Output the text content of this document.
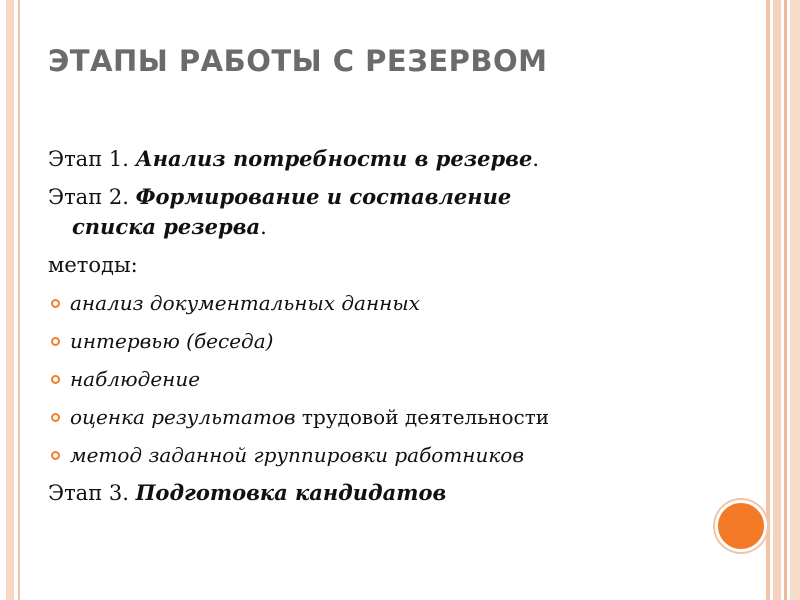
ЭТАПЫ РАБОТЫ С РЕЗЕРВОМ

Этап 1. Анализ потребности в резерве.

Этап 2. Формирование и составление

списка резерва.

методы:

анализ документальных данных
интервью (беседа)
наблюдение
оценка результатов трудовой деятельности
метод заданной группировки работников

Этап 3. Подготовка кандидатов
